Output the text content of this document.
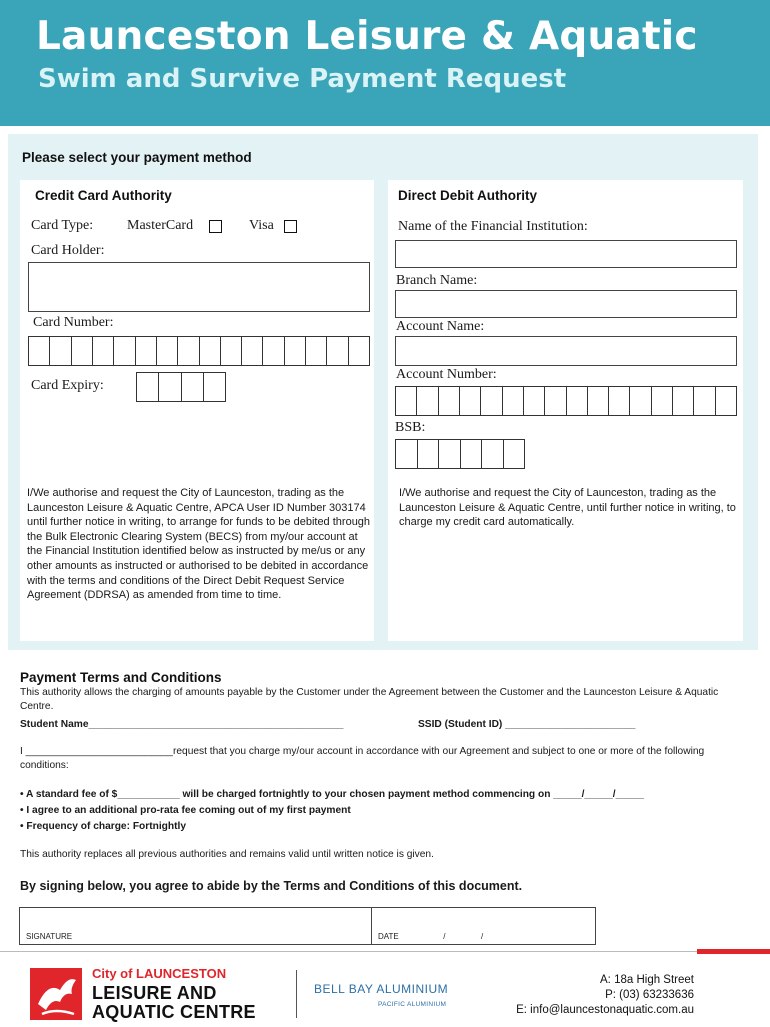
Launceston Leisure & Aquatic
Swim and Survive Payment Request
Please select your payment method
Credit Card Authority
Card Type: MasterCard	Visa
Card Holder:
Card Number:
Card Expiry:
I/We authorise and request the City of Launceston, trading as the Launceston Leisure & Aquatic Centre, APCA User ID Number 303174 until further notice in writing, to arrange for funds to be debited through the Bulk Electronic Clearing System (BECS) from my/our account at the Financial Institution identified below as instructed by me/us or any other amounts as instructed or authorised to be debited in accordance with the terms and conditions of the Direct Debit Request Service Agreement (DDRSA) as amended from time to time.
Direct Debit Authority
Name of the Financial Institution:
Branch Name:
Account Name:
Account Number:
BSB:
I/We authorise and request the City of Launceston, trading as the Launceston Leisure & Aquatic Centre, until further notice in writing, to charge my credit card automatically.
Payment Terms and Conditions
This authority allows the charging of amounts payable by the Customer under the Agreement between the Customer and the Launceston Leisure & Aquatic Centre.
Student Name_____________________________________________	SSID (Student ID) _______________________
I __________________________request that you charge my/our account in accordance with our Agreement and subject to one or more of the following conditions:
• A standard fee of $___________ will be charged fortnightly to your chosen payment method commencing on _____/_____/_____
• I agree to an additional pro-rata fee coming out of my first payment
• Frequency of charge: Fortnightly
This authority replaces all previous authorities and remains valid until written notice is given.
By signing below, you agree to abide by the Terms and Conditions of this document.
SIGNATURE	DATE                    /                /
City of LAUNCESTON
LEISURE AND
AQUATIC CENTRE
BELL BAY ALUMINIUM
PACIFIC ALUMINIUM
A: 18a High Street
P: (03) 63233636
E: info@launcestonaquatic.com.au
